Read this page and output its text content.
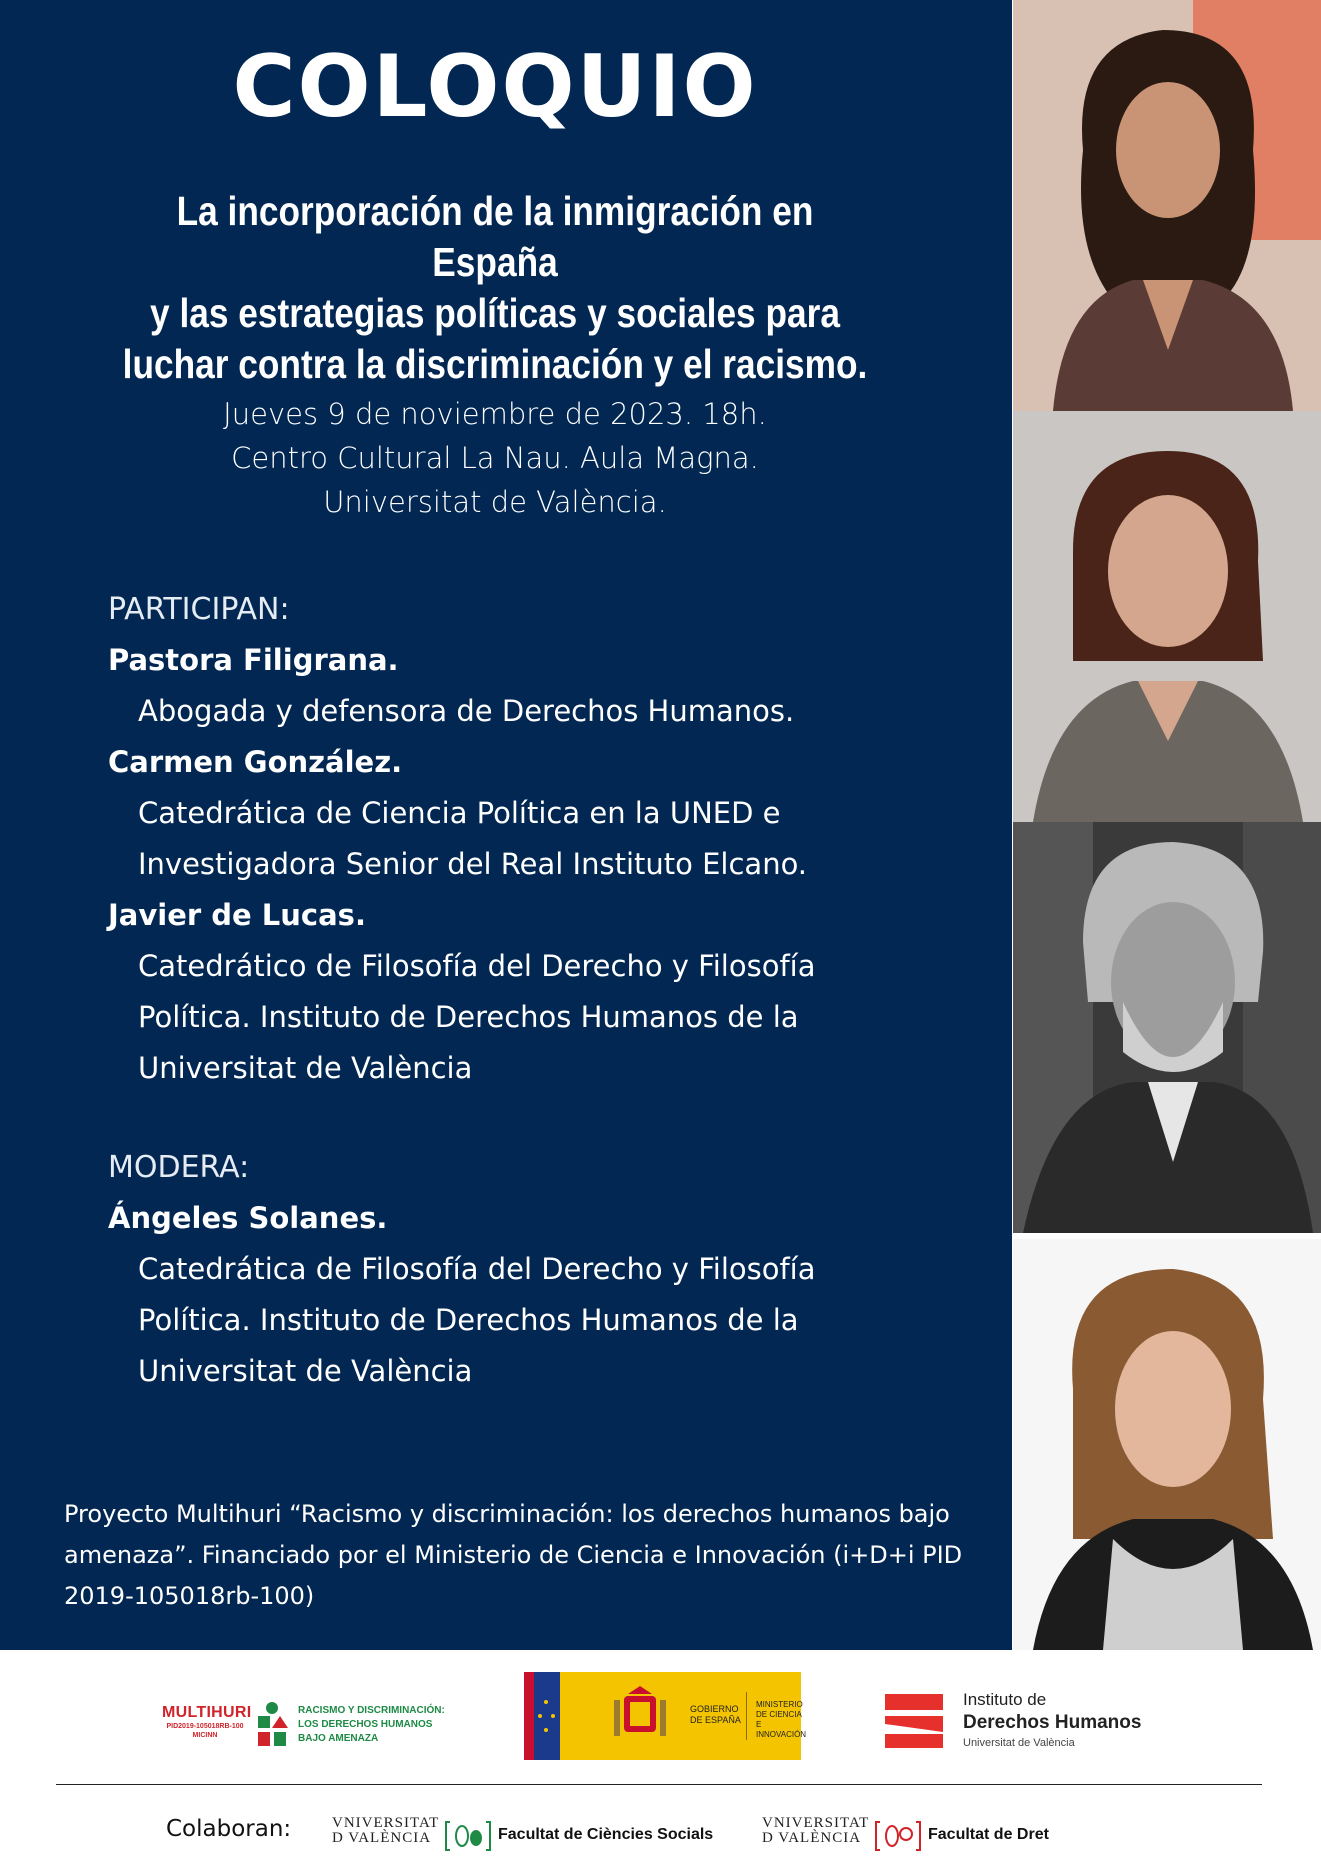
COLOQUIO
La incorporación de la inmigración en España
y las estrategias políticas y sociales para
luchar contra la discriminación y el racismo.
Jueves 9 de noviembre de 2023. 18h.
Centro Cultural La Nau. Aula Magna.
Universitat de València.
PARTICIPAN:
Pastora Filigrana.
Abogada y defensora de Derechos Humanos.
Carmen González.
Catedrática de Ciencia Política en la UNED e
Investigadora Senior del Real Instituto Elcano.
Javier de Lucas.
Catedrático de Filosofía del Derecho y Filosofía
Política. Instituto de Derechos Humanos de la
Universitat de València
MODERA:
Ángeles Solanes.
Catedrática de Filosofía del Derecho y Filosofía
Política. Instituto de Derechos Humanos de la
Universitat de València
Proyecto Multihuri “Racismo y discriminación: los derechos humanos bajo
amenaza”. Financiado por el Ministerio de Ciencia e Innovación (i+D+i PID
2019-105018rb-100)
MULTIHURI
PID2019-105018RB-100
MICINN
RACISMO Y DISCRIMINACIÓN:
LOS DERECHOS HUMANOS
BAJO AMENAZA
GOBIERNO
DE ESPAÑA
MINISTERIO
DE CIENCIA
E INNOVACIÓN
Instituto de
Derechos Humanos
Universitat de València
Colaboran:	VNIVERSITAT
D VALÈNCIA	Facultat de Ciències Socials
VNIVERSITAT
D VALÈNCIA	Facultat de Dret
